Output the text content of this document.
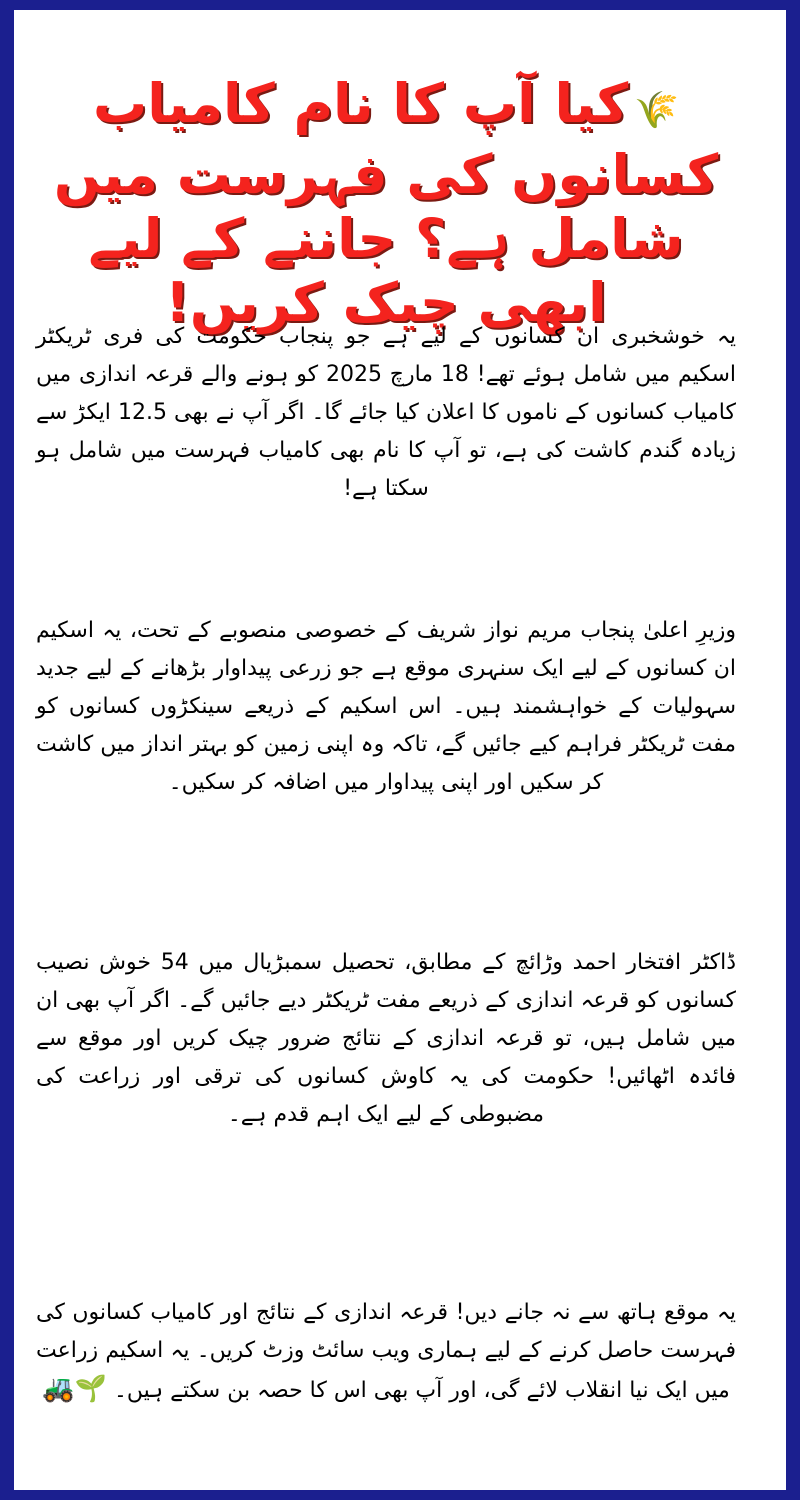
🌾کیا آپ کا نام کامیاب کسانوں کی فہرست میں شامل ہے؟ جاننے کے لیے ابھی چیک کریں!

یہ خوشخبری ان کسانوں کے لیے ہے جو پنجاب حکومت کی فری ٹریکٹر اسکیم میں شامل ہوئے تھے! 18 مارچ 2025 کو ہونے والے قرعہ اندازی میں کامیاب کسانوں کے ناموں کا اعلان کیا جائے گا۔ اگر آپ نے بھی 12.5 ایکڑ سے زیادہ گندم کاشت کی ہے، تو آپ کا نام بھی کامیاب فہرست میں شامل ہو سکتا ہے!

وزیرِ اعلیٰ پنجاب مریم نواز شریف کے خصوصی منصوبے کے تحت، یہ اسکیم ان کسانوں کے لیے ایک سنہری موقع ہے جو زرعی پیداوار بڑھانے کے لیے جدید سہولیات کے خواہشمند ہیں۔ اس اسکیم کے ذریعے سینکڑوں کسانوں کو مفت ٹریکٹر فراہم کیے جائیں گے، تاکہ وہ اپنی زمین کو بہتر انداز میں کاشت کر سکیں اور اپنی پیداوار میں اضافہ کر سکیں۔

ڈاکٹر افتخار احمد وڑائچ کے مطابق، تحصیل سمبڑیال میں 54 خوش نصیب کسانوں کو قرعہ اندازی کے ذریعے مفت ٹریکٹر دیے جائیں گے۔ اگر آپ بھی ان میں شامل ہیں، تو قرعہ اندازی کے نتائج ضرور چیک کریں اور موقع سے فائدہ اٹھائیں! حکومت کی یہ کاوش کسانوں کی ترقی اور زراعت کی مضبوطی کے لیے ایک اہم قدم ہے۔

یہ موقع ہاتھ سے نہ جانے دیں! قرعہ اندازی کے نتائج اور کامیاب کسانوں کی فہرست حاصل کرنے کے لیے ہماری ویب سائٹ وزٹ کریں۔ یہ اسکیم زراعت میں ایک نیا انقلاب لائے گی، اور آپ بھی اس کا حصہ بن سکتے ہیں۔ 🌱🚜
